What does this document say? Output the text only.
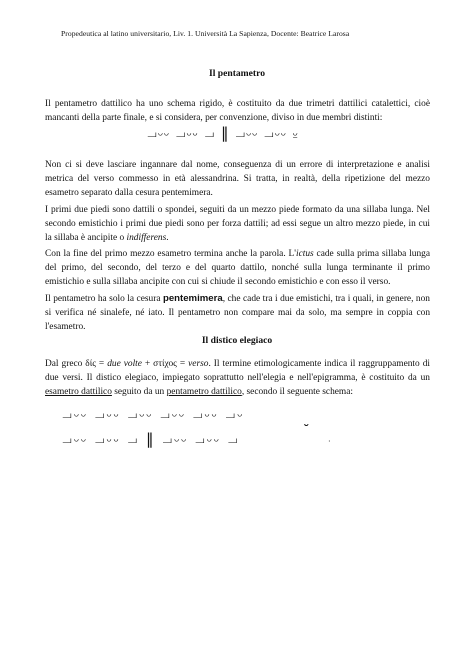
Propedeutica al latino universitario, Liv. 1. Università La Sapienza, Docente: Beatrice Larosa
Il pentametro
Il pentametro dattilico ha uno schema rigido, è costituito da due trimetri dattilici catalettici, cioè mancanti della parte finale, e si considera, per convenzione, diviso in due membri distinti:
⏗⏑⏑ ⏗⏑⏑ ⏗ ‖ ⏗⏑⏑ ⏗⏑⏑ ⏓
Non ci si deve lasciare ingannare dal nome, conseguenza di un errore di interpretazione e analisi metrica del verso commesso in età alessandrina. Si tratta, in realtà, della ripetizione del mezzo esametro separato dalla cesura pentemimera.
I primi due piedi sono dattili o spondei, seguiti da un mezzo piede formato da una sillaba lunga. Nel secondo emistichio i primi due piedi sono per forza dattili; ad essi segue un altro mezzo piede, in cui la sillaba è ancipite o indifferens.
Con la fine del primo mezzo esametro termina anche la parola. L'ictus cade sulla prima sillaba lunga del primo, del secondo, del terzo e del quarto dattilo, nonché sulla lunga terminante il primo emistichio e sulla sillaba ancipite con cui si chiude il secondo emistichio e con esso il verso.
Il pentametro ha solo la cesura pentemimera, che cade tra i due emistichi, tra i quali, in genere, non si verifica né sinalefe, né iato. Il pentametro non compare mai da solo, ma sempre in coppia con l'esametro.
Il distico elegiaco
Dal greco δίς = due volte + στίχος = verso. Il termine etimologicamente indica il raggruppamento di due versi. Il distico elegiaco, impiegato soprattutto nell'elegia e nell'epigramma, è costituito da un esametro dattilico seguito da un pentametro dattilico, secondo il seguente schema:
⏗⏑⏑ ⏗⏑⏑ ⏗⏑⏑ ⏗⏑⏑ ⏗⏑⏑ ⏗⏑
⏑
⏗⏑⏑ ⏗⏑⏑ ⏗ ‖ ⏗⏑⏑ ⏗⏑⏑ ⏗	·
